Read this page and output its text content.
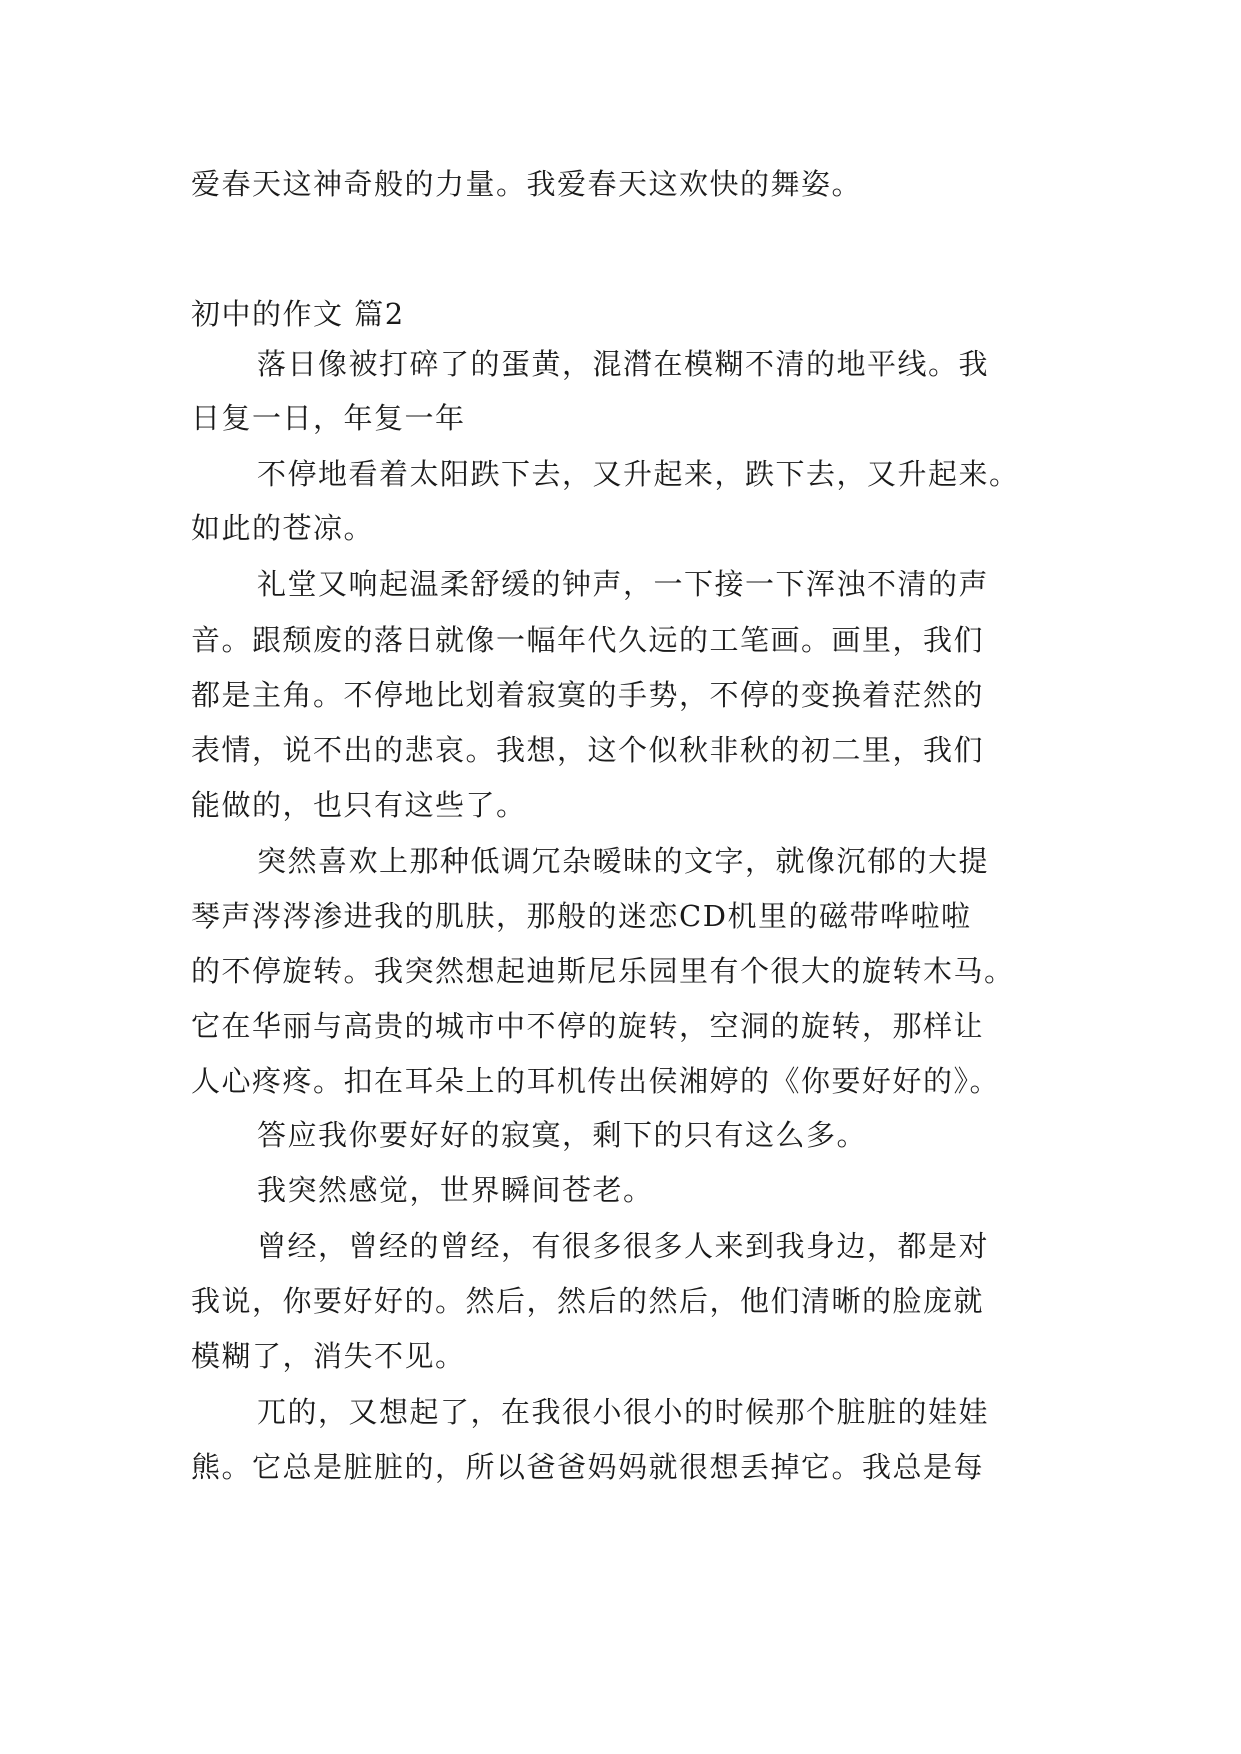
爱春天这神奇般的力量。我爱春天这欢快的舞姿。
初中的作文 篇2
落日像被打碎了的蛋黄，混潸在模糊不清的地平线。我
日复一日，年复一年
不停地看着太阳跌下去，又升起来，跌下去，又升起来。
如此的苍凉。
礼堂又响起温柔舒缓的钟声，一下接一下浑浊不清的声
音。跟颓废的落日就像一幅年代久远的工笔画。画里，我们
都是主角。不停地比划着寂寞的手势，不停的变换着茫然的
表情，说不出的悲哀。我想，这个似秋非秋的初二里，我们
能做的，也只有这些了。
突然喜欢上那种低调冗杂暧昧的文字，就像沉郁的大提
琴声涔涔渗进我的肌肤，那般的迷恋CD机里的磁带哗啦啦
的不停旋转。我突然想起迪斯尼乐园里有个很大的旋转木马。
它在华丽与高贵的城市中不停的旋转，空洞的旋转，那样让
人心疼疼。扣在耳朵上的耳机传出侯湘婷的《你要好好的》。
答应我你要好好的寂寞，剩下的只有这么多。
我突然感觉，世界瞬间苍老。
曾经，曾经的曾经，有很多很多人来到我身边，都是对
我说，你要好好的。然后，然后的然后，他们清晰的脸庞就
模糊了，消失不见。
兀的，又想起了，在我很小很小的时候那个脏脏的娃娃
熊。它总是脏脏的，所以爸爸妈妈就很想丢掉它。我总是每
